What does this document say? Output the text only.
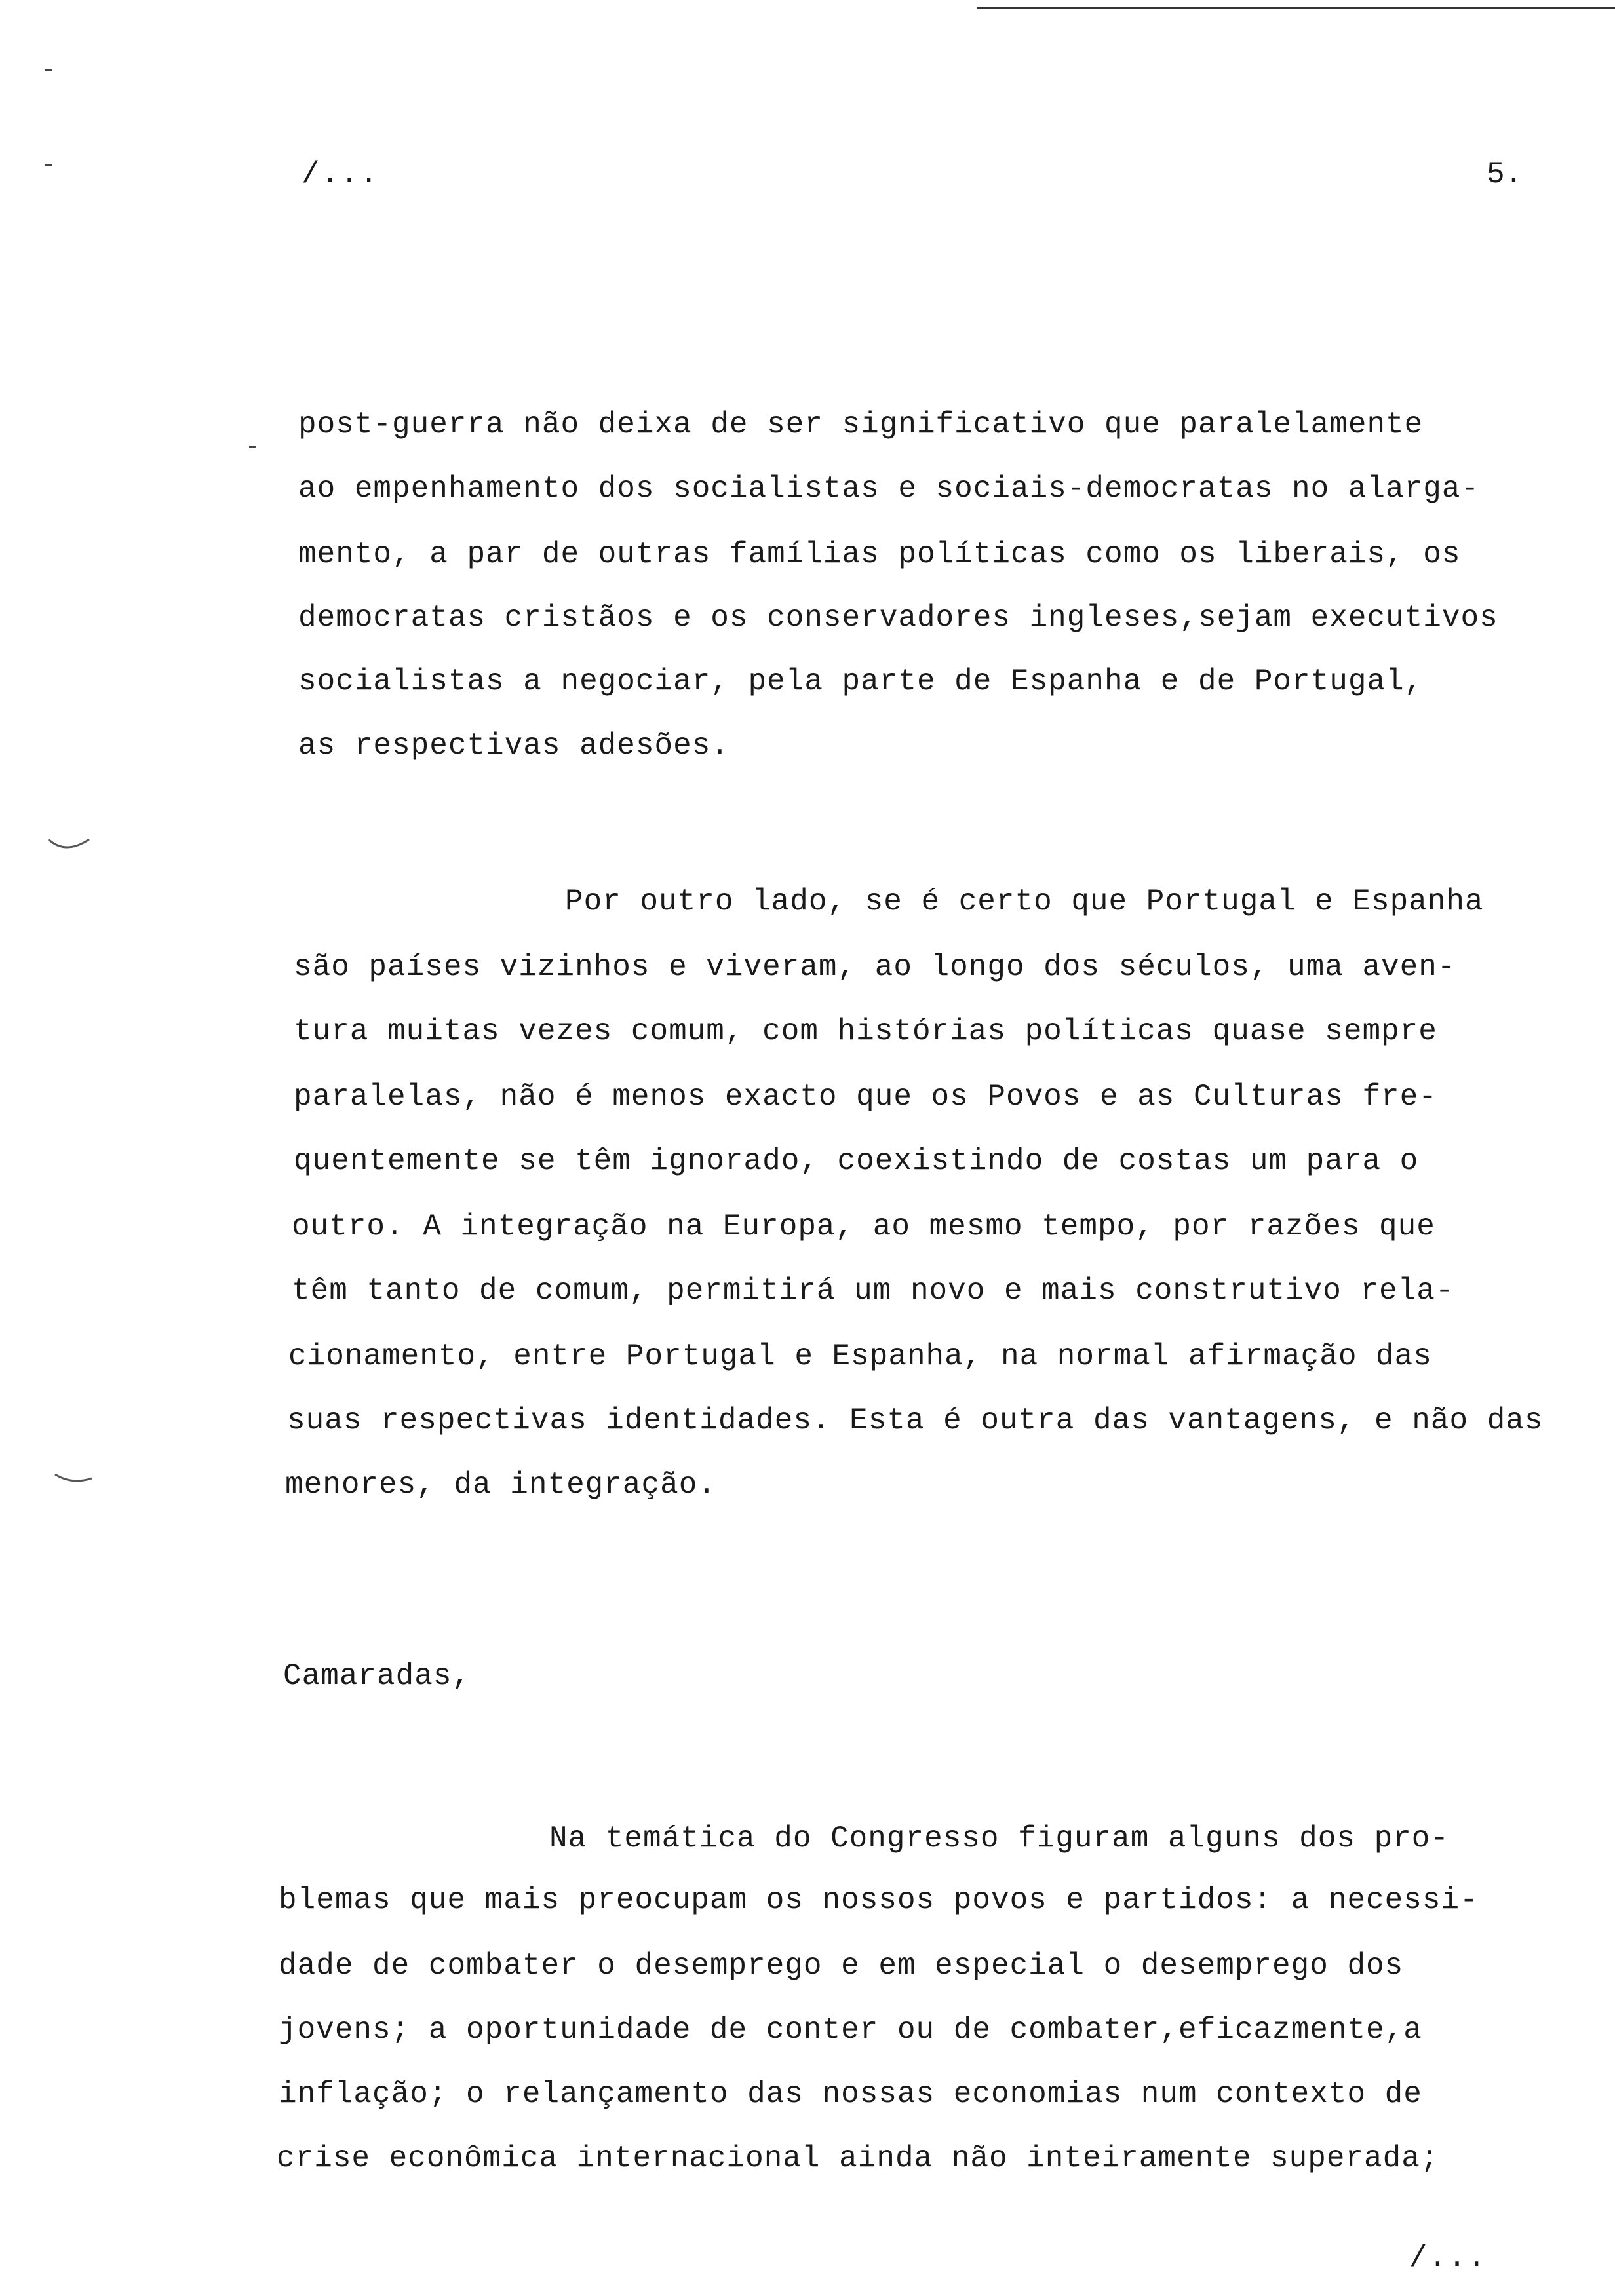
/...	5.
post-guerra não deixa de ser significativo que paralelamente
ao empenhamento dos socialistas e sociais-democratas no alarga-
mento, a par de outras famílias políticas como os liberais, os
democratas cristãos e os conservadores ingleses,sejam executivos
socialistas a negociar, pela parte de Espanha e de Portugal,
as respectivas adesões.
Por outro lado, se é certo que Portugal e Espanha
são países vizinhos e viveram, ao longo dos séculos, uma aven-
tura muitas vezes comum, com histórias políticas quase sempre
paralelas, não é menos exacto que os Povos e as Culturas fre-
quentemente se têm ignorado, coexistindo de costas um para o
outro. A integração na Europa, ao mesmo tempo, por razões que
têm tanto de comum, permitirá um novo e mais construtivo rela-
cionamento, entre Portugal e Espanha, na normal afirmação das
suas respectivas identidades. Esta é outra das vantagens, e não das
menores, da integração.
Camaradas,
Na temática do Congresso figuram alguns dos pro-
blemas que mais preocupam os nossos povos e partidos: a necessi-
dade de combater o desemprego e em especial o desemprego dos
jovens; a oportunidade de conter ou de combater,eficazmente,a
inflação; o relançamento das nossas economias num contexto de
crise econômica internacional ainda não inteiramente superada;
/...
